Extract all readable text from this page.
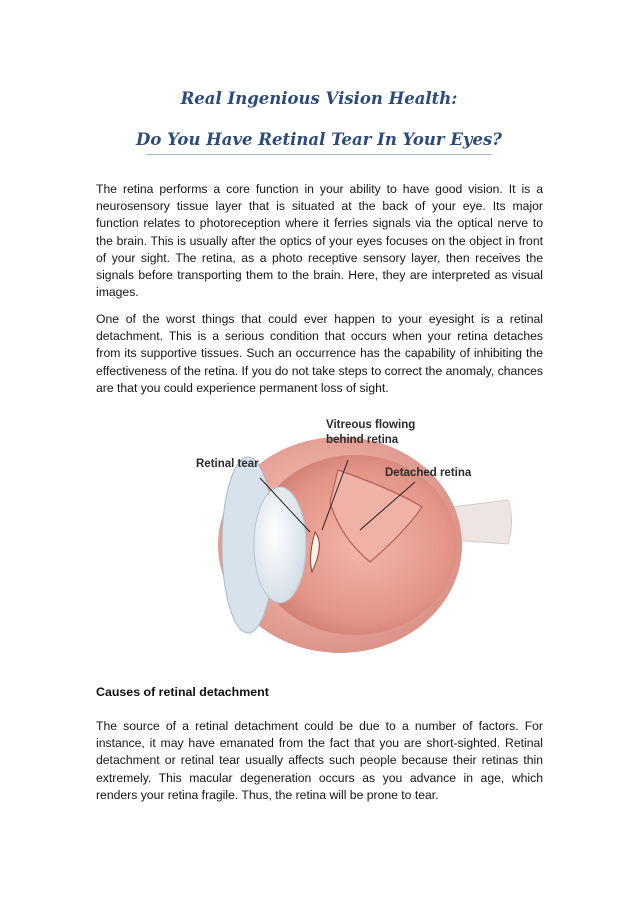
Real Ingenious Vision Health:
Do You Have Retinal Tear In Your Eyes?

The retina performs a core function in your ability to have good vision. It is a neurosensory tissue layer that is situated at the back of your eye. Its major function relates to photoreception where it ferries signals via the optical nerve to the brain. This is usually after the optics of your eyes focuses on the object in front of your sight. The retina, as a photo receptive sensory layer, then receives the signals before transporting them to the brain. Here, they are interpreted as visual images.

One of the worst things that could ever happen to your eyesight is a retinal detachment. This is a serious condition that occurs when your retina detaches from its supportive tissues. Such an occurrence has the capability of inhibiting the effectiveness of the retina. If you do not take steps to correct the anomaly, chances are that you could experience permanent loss of sight.

Vitreous flowing
behind retina
Retinal tear
Detached retina

Causes of retinal detachment

The source of a retinal detachment could be due to a number of factors. For instance, it may have emanated from the fact that you are short-sighted. Retinal detachment or retinal tear usually affects such people because their retinas thin extremely. This macular degeneration occurs as you advance in age, which renders your retina fragile. Thus, the retina will be prone to tear.
